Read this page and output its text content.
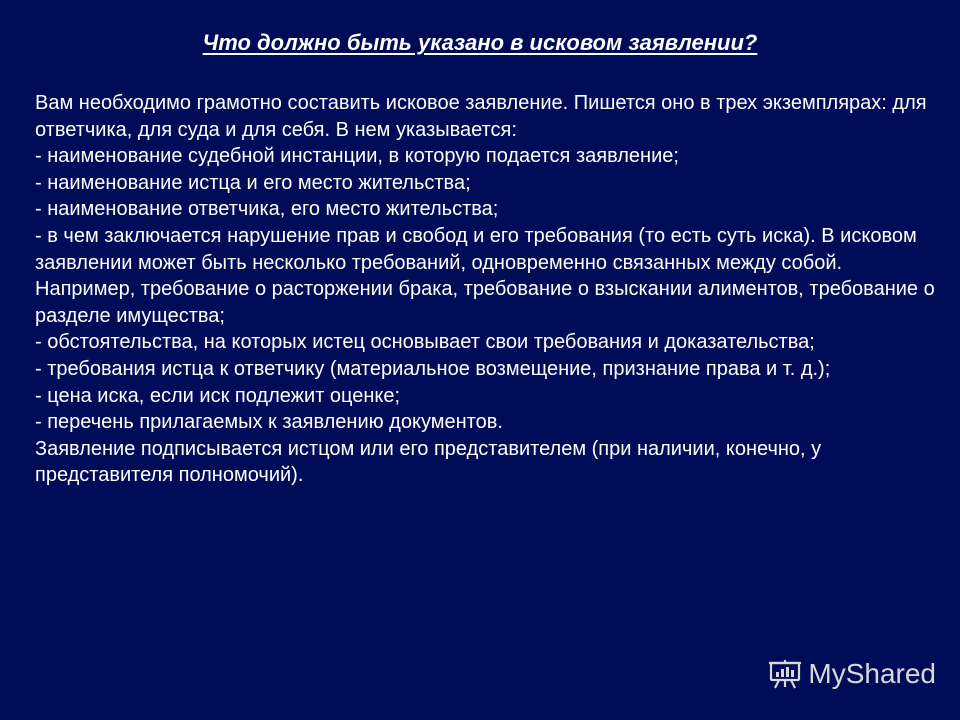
Что должно быть указано в исковом заявлении?

Вам необходимо грамотно составить исковое заявление. Пишется оно в трех экземплярах: для ответчика, для суда и для себя. В нем указывается:

- наименование судебной инстанции, в которую подается заявление;

- наименование истца и его место жительства;

- наименование ответчика, его место жительства;

- в чем заключается нарушение прав и свобод и его требования (то есть суть иска). В исковом заявлении может быть несколько требований, одновременно связанных между собой. Например, требование о расторжении брака, требование о взыскании алиментов, требование о разделе имущества;

- обстоятельства, на которых истец основывает свои требования и доказательства;

- требования истца к ответчику (материальное возмещение, признание права и т. д.);

- цена иска, если иск подлежит оценке;

- перечень прилагаемых к заявлению документов.

Заявление подписывается истцом или его представителем (при наличии, конечно, у представителя полномочий).

MyShared
